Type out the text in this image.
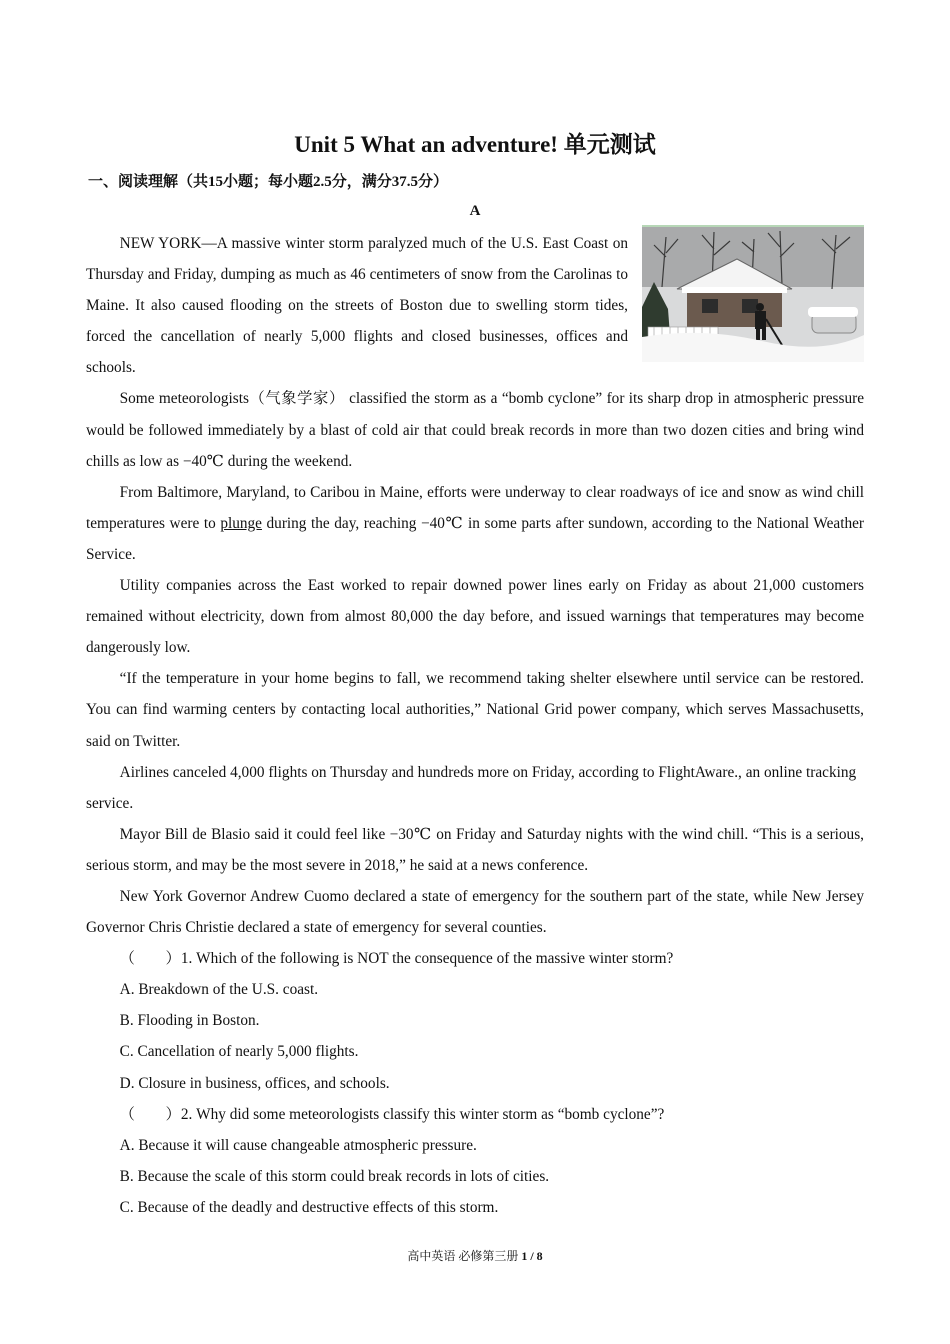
Unit 5 What an adventure! 单元测试
一、阅读理解（共15小题；每小题2.5分，满分37.5分）
A

NEW YORK—A massive winter storm paralyzed much of the U.S. East Coast on Thursday and Friday, dumping as much as 46 centimeters of snow from the Carolinas to Maine. It also caused flooding on the streets of Boston due to swelling storm tides, forced the cancellation of nearly 5,000 flights and closed businesses, offices and schools.

Some meteorologists（气象学家） classified the storm as a “bomb cyclone” for its sharp drop in atmospheric pressure would be followed immediately by a blast of cold air that could break records in more than two dozen cities and bring wind chills as low as −40℃ during the weekend.

From Baltimore, Maryland, to Caribou in Maine, efforts were underway to clear roadways of ice and snow as wind chill temperatures were to plunge during the day, reaching −40℃ in some parts after sundown, according to the National Weather Service.

Utility companies across the East worked to repair downed power lines early on Friday as about 21,000 customers remained without electricity, down from almost 80,000 the day before, and issued warnings that temperatures may become dangerously low.

“If the temperature in your home begins to fall, we recommend taking shelter elsewhere until service can be restored. You can find warming centers by contacting local authorities,” National Grid power company, which serves Massachusetts, said on Twitter.

Airlines canceled 4,000 flights on Thursday and hundreds more on Friday, according to FlightAware., an online tracking service.

Mayor Bill de Blasio said it could feel like −30℃ on Friday and Saturday nights with the wind chill. “This is a serious, serious storm, and may be the most severe in 2018,” he said at a news conference.

New York Governor Andrew Cuomo declared a state of emergency for the southern part of the state, while New Jersey Governor Chris Christie declared a state of emergency for several counties.

（　　）1. Which of the following is NOT the consequence of the massive winter storm?

A. Breakdown of the U.S. coast.

B. Flooding in Boston.

C. Cancellation of nearly 5,000 flights.

D. Closure in business, offices, and schools.

（　　）2. Why did some meteorologists classify this winter storm as “bomb cyclone”?

A. Because it will cause changeable atmospheric pressure.

B. Because the scale of this storm could break records in lots of cities.

C. Because of the deadly and destructive effects of this storm.

高中英语 必修第三册 1 / 8
